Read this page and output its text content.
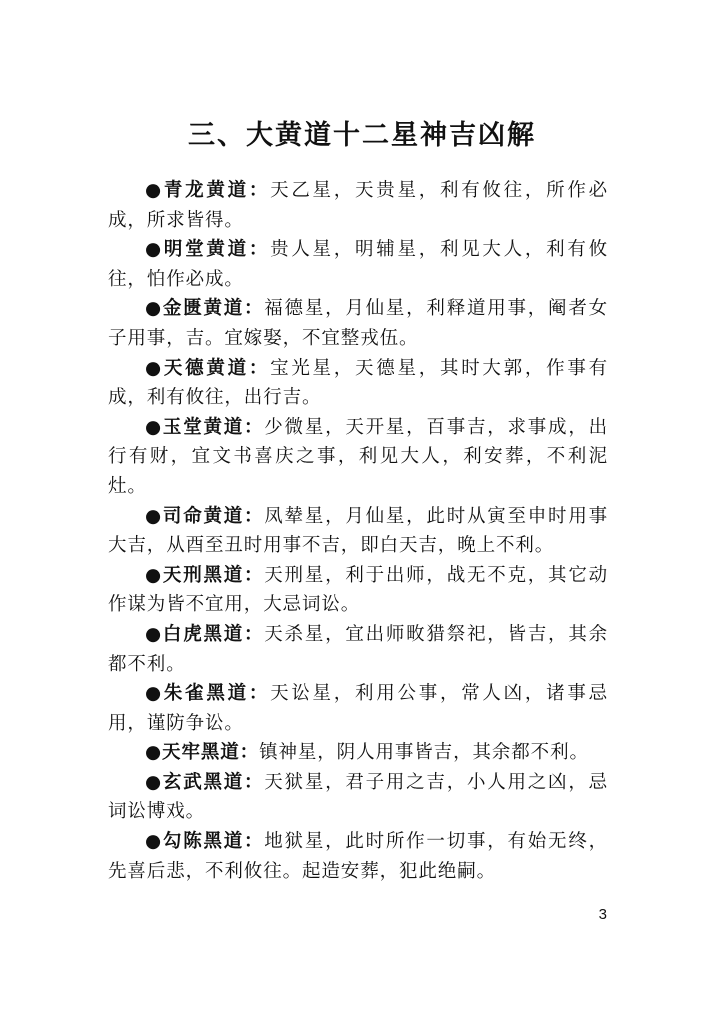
三、大黄道十二星神吉凶解

●青龙黄道：天乙星，天贵星，利有攸往，所作必成，所求皆得。

●明堂黄道：贵人星，明辅星，利见大人，利有攸往，怕作必成。

●金匮黄道：福德星，月仙星，利释道用事，阉者女子用事，吉。宜嫁娶，不宜整戎伍。

●天德黄道：宝光星，天德星，其时大郭，作事有成，利有攸往，出行吉。

●玉堂黄道：少微星，天开星，百事吉，求事成，出行有财，宜文书喜庆之事，利见大人，利安葬，不利泥灶。

●司命黄道：凤辇星，月仙星，此时从寅至申时用事大吉，从酉至丑时用事不吉，即白天吉，晚上不利。

●天刑黑道：天刑星，利于出师，战无不克，其它动作谋为皆不宜用，大忌词讼。

●白虎黑道：天杀星，宜出师畋猎祭祀，皆吉，其余都不利。

●朱雀黑道：天讼星，利用公事，常人凶，诸事忌用，谨防争讼。

●天牢黑道：镇神星，阴人用事皆吉，其余都不利。

●玄武黑道：天狱星，君子用之吉，小人用之凶，忌词讼博戏。

●勾陈黑道：地狱星，此时所作一切事，有始无终，先喜后悲，不利攸往。起造安葬，犯此绝嗣。

3
